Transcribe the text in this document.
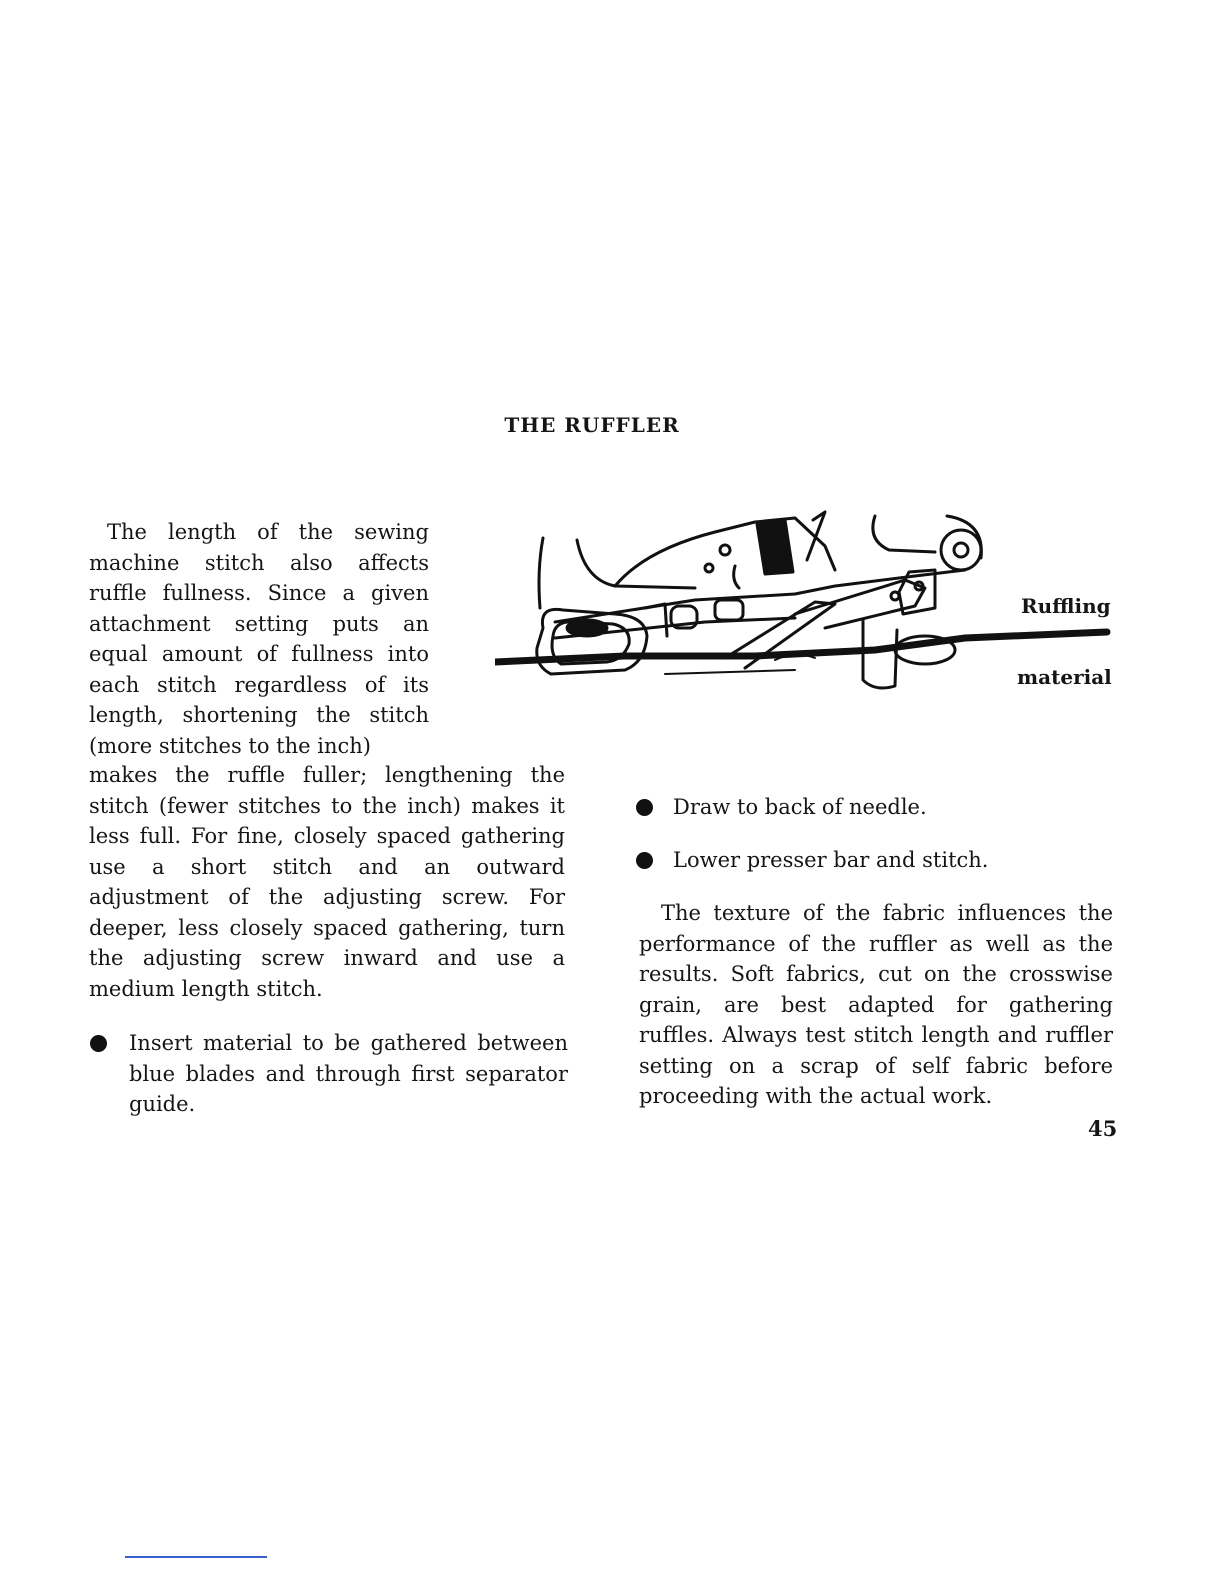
THE RUFFLER

The length of the sewing machine stitch also affects ruffle fullness. Since a given attachment setting puts an equal amount of fullness into each stitch regardless of its length, shortening the stitch (more stitches to the inch)

makes the ruffle fuller; lengthening the stitch (fewer stitches to the inch) makes it less full. For fine, closely spaced gathering use a short stitch and an outward adjustment of the adjusting screw. For deeper, less closely spaced gathering, turn the adjusting screw inward and use a medium length stitch.

Insert material to be gathered between blue blades and through first separator guide.
Ruffling
material
Draw to back of needle.
Lower presser bar and stitch.

The texture of the fabric influences the performance of the ruffler as well as the results. Soft fabrics, cut on the crosswise grain, are best adapted for gathering ruffles. Always test stitch length and ruffler setting on a scrap of self fabric before proceeding with the actual work.

45
